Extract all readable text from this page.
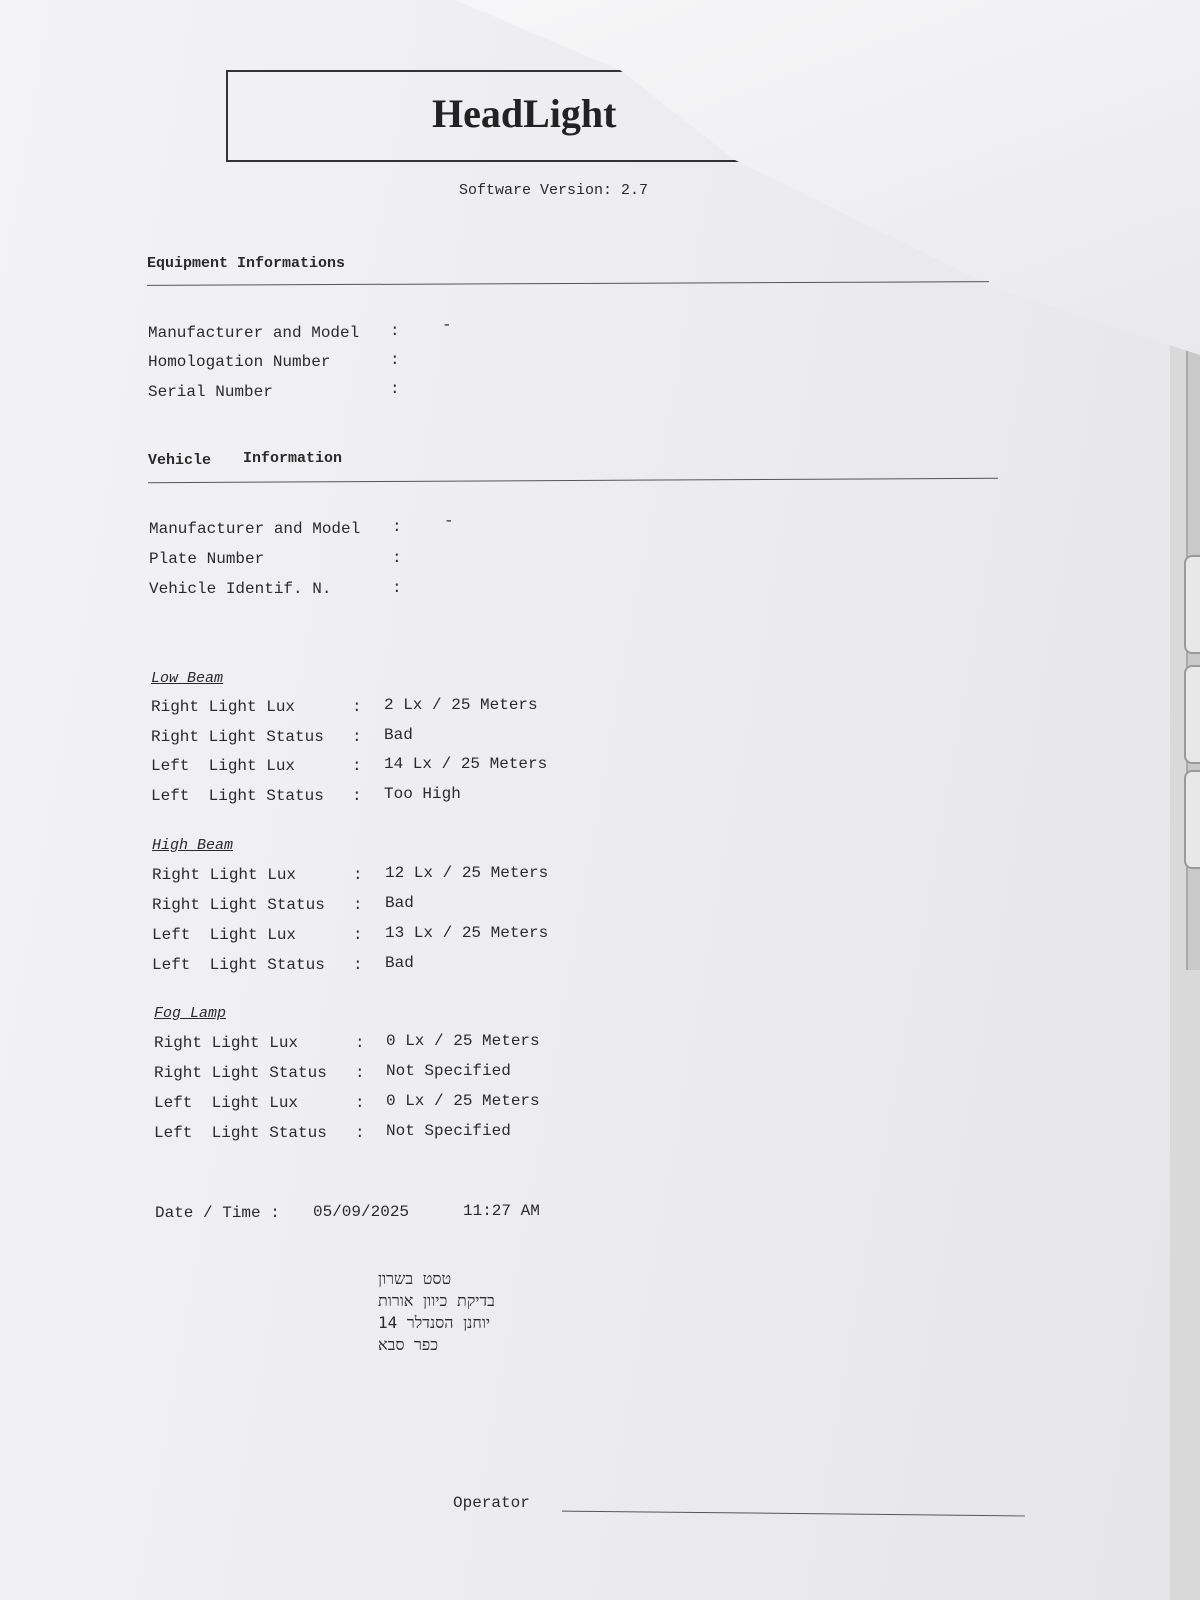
HeadLight
Software Version: 2.7
Equipment Informations
Manufacturer and Model :	-
Homologation Number	:
Serial Number	:
Vehicle Information
Manufacturer and Model :	-
Plate Number	:
Vehicle Identif. N.	:
Low Beam
Right Light Lux	: 2 Lx / 25 Meters
Right Light Status : Bad
Left  Light Lux	: 14 Lx / 25 Meters
Left  Light Status : Too High
High Beam
Right Light Lux	: 12 Lx / 25 Meters
Right Light Status : Bad
Left  Light Lux	: 13 Lx / 25 Meters
Left  Light Status : Bad
Fog Lamp
Right Light Lux	: 0 Lx / 25 Meters
Right Light Status : Not Specified
Left  Light Lux	: 0 Lx / 25 Meters
Left  Light Status : Not Specified
Date / Time : 05/09/2025	11:27 AM
טסט בשרון
בדיקת כיוון אורות
יוחנן הסנדלר 14
כפר סבא
Operator
